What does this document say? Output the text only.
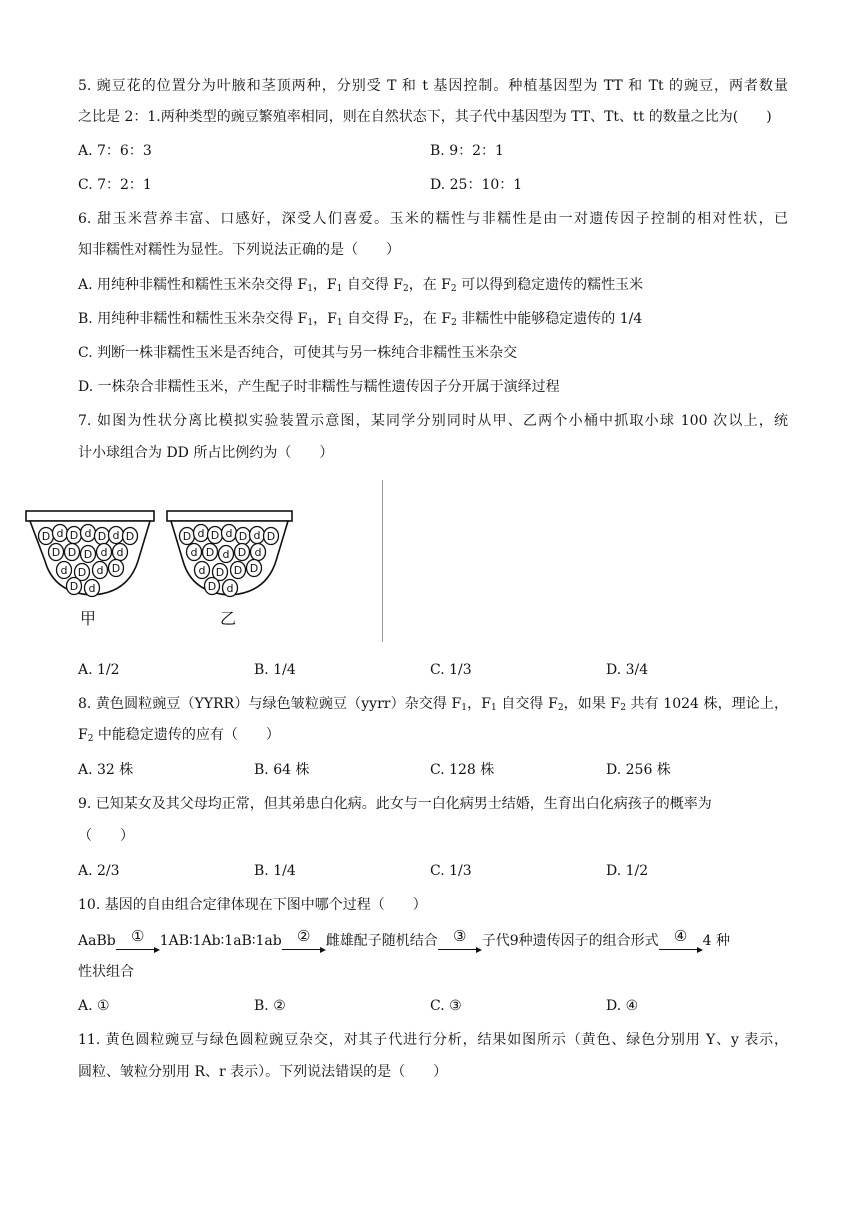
5. 豌豆花的位置分为叶腋和茎顶两种，分别受 T 和 t 基因控制。种植基因型为 TT 和 Tt 的豌豆，两者数量
之比是 2：1.两种类型的豌豆繁殖率相同，则在自然状态下，其子代中基因型为 TT、Tt、tt 的数量之比为(　　)
A. 7：6：3	B. 9：2：1
C. 7：2：1	D. 25：10：1
6. 甜玉米营养丰富、口感好，深受人们喜爱。玉米的糯性与非糯性是由一对遗传因子控制的相对性状，已
知非糯性对糯性为显性。下列说法正确的是（　　）
A. 用纯种非糯性和糯性玉米杂交得 $F_1$，$F_1$ 自交得 $F_2$，在 $F_2$ 可以得到稳定遗传的糯性玉米
B. 用纯种非糯性和糯性玉米杂交得 $F_1$，$F_1$ 自交得 $F_2$，在 $F_2$ 非糯性中能够稳定遗传的 1/4
C. 判断一株非糯性玉米是否纯合，可使其与另一株纯合非糯性玉米杂交
D. 一株杂合非糯性玉米，产生配子时非糯性与糯性遗传因子分开属于演绎过程
7. 如图为性状分离比模拟实验装置示意图，某同学分别同时从甲、乙两个小桶中抓取小球 100 次以上，统
计小球组合为 DD 所占比例约为（　　）
D d D d D d D
D D D d d
d D d D
D d
D d D d D d D
d D d D d
d D D D
D d
甲	乙
A. 1/2	B. 1/4	C. 1/3	D. 3/4
8. 黄色圆粒豌豆（YYRR）与绿色皱粒豌豆（yyrr）杂交得 $F_1$，$F_1$ 自交得 $F_2$，如果 $F_2$ 共有 1024 株，理论上，
$F_2$ 中能稳定遗传的应有（　　）
A. 32 株	B. 64 株	C. 128 株	D. 256 株
9. 已知某女及其父母均正常，但其弟患白化病。此女与一白化病男士结婚，生育出白化病孩子的概率为
（　　）
A. 2/3	B. 1/4	C. 1/3	D. 1/2
10. 基因的自由组合定律体现在下图中哪个过程（　　）
AaBb	①	1AB∶1Ab∶1aB∶1ab	②	雌雄配子随机结合	③	子代9种遗传因子的组合形式	④	4 种
性状组合
A. ①	B. ②	C. ③	D. ④
11. 黄色圆粒豌豆与绿色圆粒豌豆杂交，对其子代进行分析，结果如图所示（黄色、绿色分别用 Y、y 表示，
圆粒、皱粒分别用 R、r 表示）。下列说法错误的是（　　）
